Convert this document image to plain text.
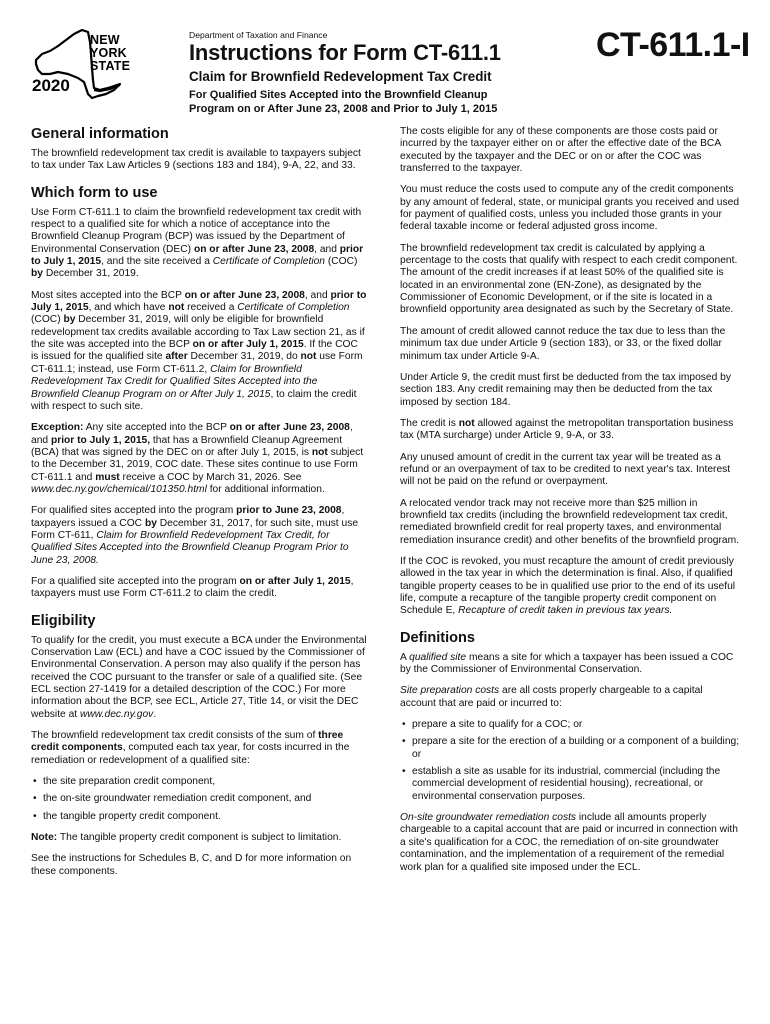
NEW
YORK
STATE
2020
Department of Taxation and Finance
Instructions for Form CT-611.1	CT-611.1-I
Claim for Brownfield Redevelopment Tax Credit
For Qualified Sites Accepted into the Brownfield Cleanup
Program on or After June 23, 2008 and Prior to July 1, 2015
General information

The brownfield redevelopment tax credit is available to taxpayers subject to tax under Tax Law Articles 9 (sections 183 and 184), 9-A, 22, and 33.

Which form to use

Use Form CT-611.1 to claim the brownfield redevelopment tax credit with respect to a qualified site for which a notice of acceptance into the Brownfield Cleanup Program (BCP) was issued by the Department of Environmental Conservation (DEC) on or after June 23, 2008, and prior to July 1, 2015, and the site received a Certificate of Completion (COC) by December 31, 2019.

Most sites accepted into the BCP on or after June 23, 2008, and prior to July 1, 2015, and which have not received a Certificate of Completion (COC) by December 31, 2019, will only be eligible for brownfield redevelopment tax credits available according to Tax Law section 21, as if the site was accepted into the BCP on or after July 1, 2015. If the COC is issued for the qualified site after December 31, 2019, do not use Form CT-611.1; instead, use Form CT-611.2, Claim for Brownfield Redevelopment Tax Credit for Qualified Sites Accepted into the Brownfield Cleanup Program on or After July 1, 2015, to claim the credit with respect to such site.

Exception: Any site accepted into the BCP on or after June 23, 2008, and prior to July 1, 2015, that has a Brownfield Cleanup Agreement (BCA) that was signed by the DEC on or after July 1, 2015, is not subject to the December 31, 2019, COC date. These sites continue to use Form CT-611.1 and must receive a COC by March 31, 2026. See www.dec.ny.gov/chemical/101350.html for additional information.

For qualified sites accepted into the program prior to June 23, 2008, taxpayers issued a COC by December 31, 2017, for such site, must use Form CT-611, Claim for Brownfield Redevelopment Tax Credit, for Qualified Sites Accepted into the Brownfield Cleanup Program Prior to June 23, 2008.

For a qualified site accepted into the program on or after July 1, 2015, taxpayers must use Form CT-611.2 to claim the credit.

Eligibility

To qualify for the credit, you must execute a BCA under the Environmental Conservation Law (ECL) and have a COC issued by the Commissioner of Environmental Conservation. A person may also qualify if the person has received the COC pursuant to the transfer or sale of a qualified site. (See ECL section 27-1419 for a detailed description of the COC.) For more information about the BCP, see ECL, Article 27, Title 14, or visit the DEC website at www.dec.ny.gov.

The brownfield redevelopment tax credit consists of the sum of three credit components, computed each tax year, for costs incurred in the remediation or redevelopment of a qualified site:

• the site preparation credit component,
• the on-site groundwater remediation credit component, and
• the tangible property credit component.

Note: The tangible property credit component is subject to limitation.

See the instructions for Schedules B, C, and D for more information on these components.

The costs eligible for any of these components are those costs paid or incurred by the taxpayer either on or after the effective date of the BCA executed by the taxpayer and the DEC or on or after the COC was transferred to the taxpayer.

You must reduce the costs used to compute any of the credit components by any amount of federal, state, or municipal grants you received and used for payment of qualified costs, unless you included those grants in your federal taxable income or federal adjusted gross income.

The brownfield redevelopment tax credit is calculated by applying a percentage to the costs that qualify with respect to each credit component. The amount of the credit increases if at least 50% of the qualified site is located in an environmental zone (EN-Zone), as designated by the Commissioner of Economic Development, or if the site is located in a brownfield opportunity area designated as such by the Secretary of State.

The amount of credit allowed cannot reduce the tax due to less than the minimum tax due under Article 9 (section 183), or 33, or the fixed dollar minimum tax under Article 9-A.

Under Article 9, the credit must first be deducted from the tax imposed by section 183. Any credit remaining may then be deducted from the tax imposed by section 184.

The credit is not allowed against the metropolitan transportation business tax (MTA surcharge) under Article 9, 9-A, or 33.

Any unused amount of credit in the current tax year will be treated as a refund or an overpayment of tax to be credited to next year's tax. Interest will not be paid on the refund or overpayment.

A relocated vendor track may not receive more than $25 million in brownfield tax credits (including the brownfield redevelopment tax credit, remediated brownfield credit for real property taxes, and environmental remediation insurance credit) and other benefits of the brownfield program.

If the COC is revoked, you must recapture the amount of credit previously allowed in the tax year in which the determination is final. Also, if qualified tangible property ceases to be in qualified use prior to the end of its useful life, compute a recapture of the tangible property credit component on Schedule E, Recapture of credit taken in previous tax years.

Definitions

A qualified site means a site for which a taxpayer has been issued a COC by the Commissioner of Environmental Conservation.

Site preparation costs are all costs properly chargeable to a capital account that are paid or incurred to:

• prepare a site to qualify for a COC; or
• prepare a site for the erection of a building or a component of a building; or
• establish a site as usable for its industrial, commercial (including the commercial development of residential housing), recreational, or environmental conservation purposes.

On-site groundwater remediation costs include all amounts properly chargeable to a capital account that are paid or incurred in connection with a site's qualification for a COC, the remediation of on-site groundwater contamination, and the implementation of a requirement of the remedial work plan for a qualified site imposed under the ECL.
